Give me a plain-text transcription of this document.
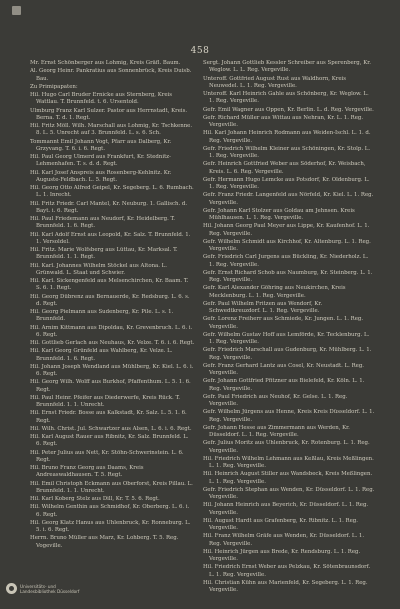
458
Mr. Ernst Schönberger aus Lohmig, Kreis Gräfl. Baum.
Al. Georg Heinr. Pankratius aus Sonnenbrück, Kreis Duisb. Bau.
Zu Primipapaten:
Hil. Hugo Carl Bruder Ernicke aus Sternberg, Kreis Wattlau. T. Brunnfeld. t. 6. Ursentold.
Ulmburg Franz Karl Sulzer. Pastor aus Herrnstadt, Kreis. Berna. T. d. 1. Regt.
Hil. Fritz Möll. Wilh. Marschall aus Lohmig, Kr. Tschkenne. 8. L. 5. Unrecht auf 3. Brunnfeld. L. s. 6. Sch.
Tommannt Emil Johann Vogt, Pfarr aus Dalberg, Kr. Grzyvang. T. 6. i. 6. Regt.
Hil. Paul Georg Ulmerd aus Frankfurt, Kr. Stednitz-Lehmenhafen. T. s. d. d. Regt.
Hil. Karl Josef Anspreis aus Rosenberg-Kehlnitz. Kr. Auguste-Feldbach. L. 5. Regt.
Hil. Georg Otto Alfred Geipel, Kr. Segeberg. L. 6. Rumbach. L. 1. Inrecht.
Hil. Fritz Friedr. Carl Mantel, Kr. Neuburg. 1. Gallisch. d. Bayt. i. 6. Regt.
Hil. Paul Friedemann aus Neudorf, Kr. Heidelberg. T. Brunnfeld. 1. 6. Regt.
Hil. Karl Adolf Ernst aus Leopold, Kr. Salz. T. Brunnfeld. 1. 1. Versoldel.
Hil. Fritz. Marie Wolfsberg aus Lüttau, Kr. Marksal. T. Brunnfeld. 1. 1. Regt.
Hil. Karl. Johannes Wilhelm Stöckel aus Altona. L. Grünwald. L. Staat und Schwier.
Hil. Karl. Sickengenfeld aus Melsenchirchen, Kr. Baam. T. S. 6. 1. Regt.
Hil. Georg Dübrenz aus Bernauerde, Kr. Redsburg. L. 6. s. d. Regt.
Hil. Georg Pielmann aus Sudenberg, Kr. Pile. L. s. 1. Brunnfeld.
Hil. Arnim Kittmann aus Dipoldau, Kr. Grevenbruch. L. 6. i. 6. Regt.
Hil. Gottlieb Gerlach aus Neuhaus, Kr. Velze. T. 6. i. 6. Regt.
Hil. Karl Georg Grünfeld aus Wahlberg, Kr. Velze. L. Brunnfeld. 1. 6. Regt.
Hil. Johann Joseph Wendland aus Mühlberg, Kr. Kiel. L. 6. i. 6. Regt.
Hil. Georg Wilh. Wolff aus Burkhof, Pfaffenthum. L. 5. 1. 6. Regt.
Hil. Paul Heinr. Pfeifer aus Diederwerfe, Kreis Rück. T. Brunnfeld. 1. 1. Unrecht.
Hil. Ernst Friedr. Bosse aus Kalkstadt, Kr. Salz. L. 5. 1. 6. Regt.
Hil. Wilh. Christ. Jul. Schwartzer aus Alsen, L. 6. i. 6. Regt.
Hil. Karl August Rauer aus Ribnitz, Kr. Salz. Brunnfeld. L. 6. Regt.
Hil. Peter Julius aus Nett, Kr. Stöhn-Schwerinstein. L. 6. Regt.
Hil. Bruno Franz Georg aus Daams, Kreis Andreaswaldhausen. T. 5. Regt.
Hil. Emil Christoph Eckmann aus Oberforst, Kreis Pillau. L. Brunnfeld. 1. 1. Unrecht.
Hil. Karl Koberg Stelz aus Dill, Kr. T. 5. 6. Regt.
Hil. Wilhelm Genthin aus Schmidhof, Kr. Oberberg. L. 6. i. 6. Regt.
Hil. Georg Klatz Hanus aus Uhlenbruck, Kr. Ronneburg. L. 5. i. 6. Regt.
Herrn. Bruno Müller aus Marz, Kr. Lohberg. T. 5. Reg. Vogeville.
Sergt. Johann Gottlieb Kessler Schreiber aus Sperenberg, Kr. Weglow. L. L. Reg. Vergeville.
Unteroff. Gottfried August Rust aus Waldhorn, Kreis Neuwedel. L. 1. Reg. Vergeville.
Unteroff. Karl Heinrich Gahle aus Schönberg, Kr. Weglow. L. 1. Reg. Vergeville.
Gefr. Emil Wagner aus Oppen, Kr. Berlin. L. d. Reg. Vergeville.
Gefr. Richard Müller aus Wittau aus Nehran, Kr. L. 1. Reg. Vergeville.
Hil. Karl Johann Heinrich Rodmann aus Weiden-Ischl. L. 1. d. Reg. Vergeville.
Gefr. Friedrich Wilhelm Kleiner aus Schöningen, Kr. Stolp. L. 1. Reg. Vergeville.
Gefr. Heinrich Gottfried Weber aus Söderhof, Kr. Weisbach, Kreis. L. 6. Reg. Vergeville.
Gefr. Hermann Hugo Lemcke aus Potsdorf, Kr. Oldenburg. L. 1. Reg. Vergeville.
Gefr. Franz Friedr. Langenfeld aus Nörfeld, Kr. Kiel. L. 1. Reg. Vergeville.
Gefr. Johann Karl Stolzer aus Goldau am Jehnsen. Kreis Mühlhausen. L. 1. Reg. Vergeville.
Hil. Johann Georg Paul Meyer aus Lippe, Kr. Kaufenhof. L. 1. Reg. Vergeville.
Gefr. Wilhelm Schmidt aus Kirchhof, Kr. Altenburg. L. 1. Reg. Vergeville.
Gefr. Friedrich Carl Jurgens aus Bückling, Kr. Niederholz. L. 1. Reg. Vergeville.
Gefr. Ernst Richard Schob aus Naumburg, Kr. Steinberg. L. 1. Reg. Vergeville.
Gefr. Karl Alexander Göhring aus Neukirchen, Kreis Mecklenburg. L. 1. Reg. Vergeville.
Gefr. Paul Wilhelm Fritzen aus Wendorf, Kr. Schwedtkreuzdorf. L. 1. Reg. Vergeville.
Gefr. Lorenz Freiherr aus Schmiede, Kr. Jungen. L. 1. Reg. Vergeville.
Gefr. Wilhelm Gustav Hoff aus Lemförde, Kr. Tecklenburg. L. 1. Reg. Vergeville.
Gefr. Friedrich Marschall aus Gudenburg, Kr. Mühlberg. L. 1. Reg. Vergeville.
Gefr. Franz Gerhard Lantz aus Cosel, Kr. Neustadt. L. Reg. Vergeville.
Gefr. Johann Gottfried Pfitzner aus Bielefeld, Kr. Köln. L. 1. Reg. Vergeville.
Gefr. Paul Friedrich aus Neuhof, Kr. Gelse. L. 1. Reg. Vergeville.
Gefr. Wilhelm Jürgens aus Henne, Kreis Kreis Düsseldorf. L. 1. Reg. Vergeville.
Gefr. Johann Hesse aus Zimmermann aus Werden, Kr. Düsseldorf. L. 1. Reg. Vergeville.
Gefr. Julius Moritz aus Uhlenbruck, Kr. Rotenburg. L. 1. Reg. Vergeville.
Hil. Friedrich Wilhelm Lehmann aus Keßlau, Kreis Meßlingen. L. 1. Reg. Vergeville.
Hil. Heinrich August Stiller aus Wandsbeck, Kreis Meßlingen. L. 1. Reg. Vergeville.
Gefr. Friedrich Stephan aus Wenden, Kr. Düsseldorf. L. 1. Reg. Vergeville.
Hil. Johann Heinrich aus Beyerich, Kr. Düsseldorf. L. 1. Reg. Vergeville.
Hil. August Hardt aus Grafenberg, Kr. Ribnitz. L. 1. Reg. Vergeville.
Hil. Franz Wilhelm Gräfe aus Wenden, Kr. Düsseldorf. L. 1. Reg. Vergeville.
Hil. Heinrich Jürgen aus Brede, Kr. Rendsburg. L. 1. Reg. Vergeville.
Hil. Friedrich Ernst Weber aus Pelzkau, Kr. Sötenbraunsdorf. L. 1. Reg. Vergeville.
Hil. Christian Kühn aus Marienfeld, Kr. Segeberg. L. 1. Reg. Vergeville.
Universitäts- und
Landesbibliothek Düsseldorf
